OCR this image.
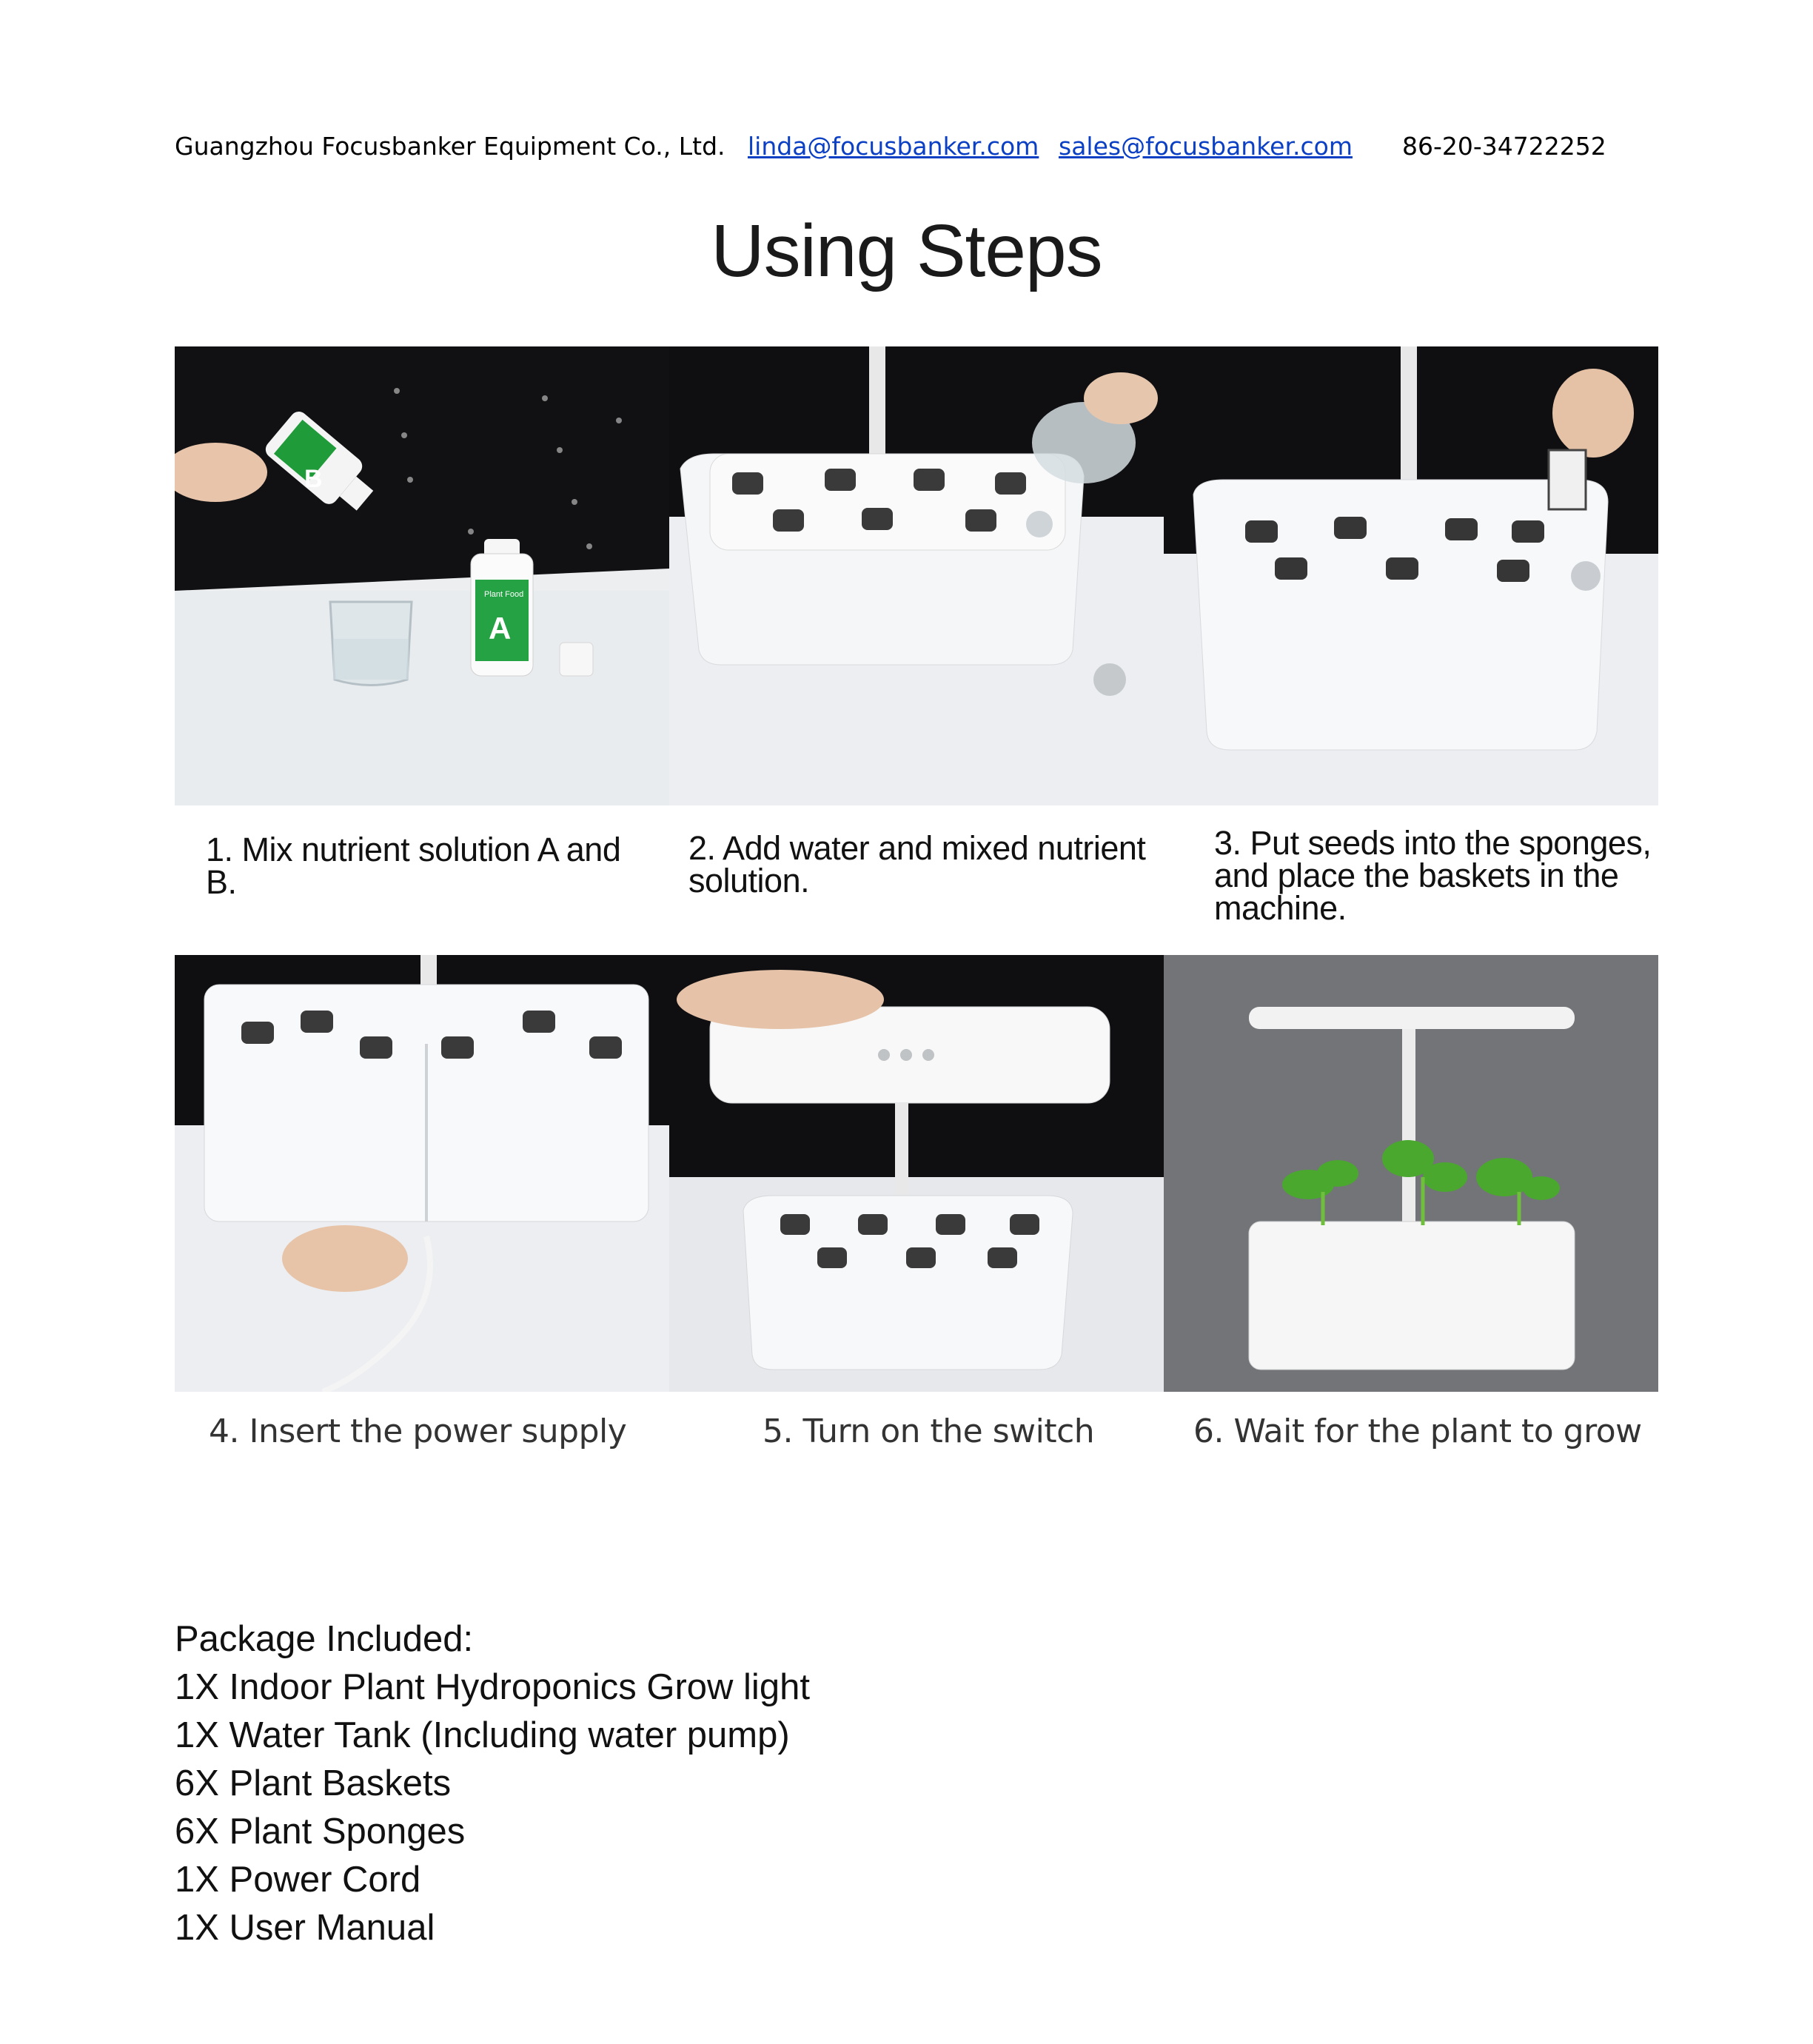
Guangzhou Focusbanker Equipment Co., Ltd. linda@focusbanker.com sales@focusbanker.com 86-20-34722252
Using Steps
B
Plant Food
A
1. Mix nutrient solution A and B.
2. Add water and mixed nutrient solution.
3. Put seeds into the sponges, and place the baskets in the machine.
4. Insert the power supply	5. Turn on the switch	6. Wait for the plant to grow
Package Included:
1X Indoor Plant Hydroponics Grow light
1X Water Tank (Including water pump)
6X Plant Baskets
6X Plant Sponges
1X Power Cord
1X User Manual
